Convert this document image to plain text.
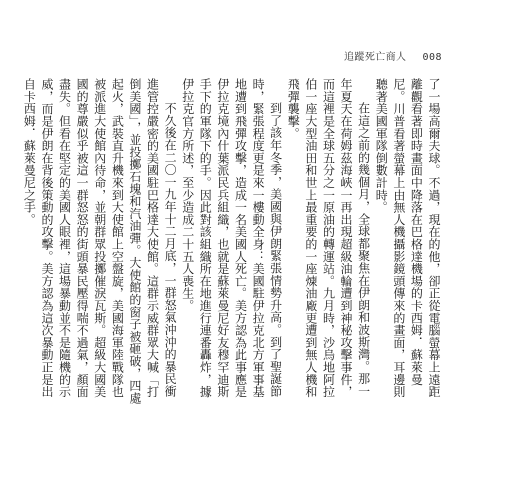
追蹤死亡商人 008

了一場高爾夫球。不過，現在的他，卻正從電腦螢幕上遠距離觀看著即時畫面中降落在巴格達機場的卡西姆．蘇萊曼尼。川普看著螢幕上由無人機攝影鏡頭傳來的畫面，耳邊則聽著美國軍隊倒數計時。

在這之前的幾個月，全球都聚焦在伊朗和波斯灣。那一年夏天在荷姆茲海峽一再出現超級油輪遭到神秘攻擊事件，而這裡是全球五分之一原油的轉運站。九月時，沙烏地阿拉伯一座大型油田和世上最重要的一座煉油廠更遭到無人機和飛彈襲擊。

到了該年冬季，美國與伊朗緊張情勢升高。到了聖誕節時，緊張程度更是來一樓動全身：美國駐伊拉克北方軍事基地遭到飛彈攻擊，造成一名美國人死亡。美方認為此事應是伊拉克境內什葉派民兵組織，也就是蘇萊曼尼好友穆罕迪斯手下的軍隊下的手。因此對該組織所在地進行連番轟炸，據伊拉克官方所述，至少造成二十五人喪生。

不久後在二〇一九年十二月底，一群怒氣沖沖的暴民衝進管控嚴密的美國駐巴格達大使館。這群示威群眾大喊「打倒美國」，並投擲石塊和汽油彈。大使館的窗子被砸破，四處起火，武裝直升機來到大使館上空盤旋，美國海軍陸戰隊也被派進大使館內待命，並朝群眾投擲催淚瓦斯。超級大國美國的尊嚴似乎被這一群怒怒的街頭暴民壓得喘不過氣，顏面盡失。但看在堅定的美國人眼裡，這場暴動並不是隨機的示威，而是伊朗在背後策動的攻擊。美方認為這次暴動正是出自卡西姆．蘇萊曼尼之手。
